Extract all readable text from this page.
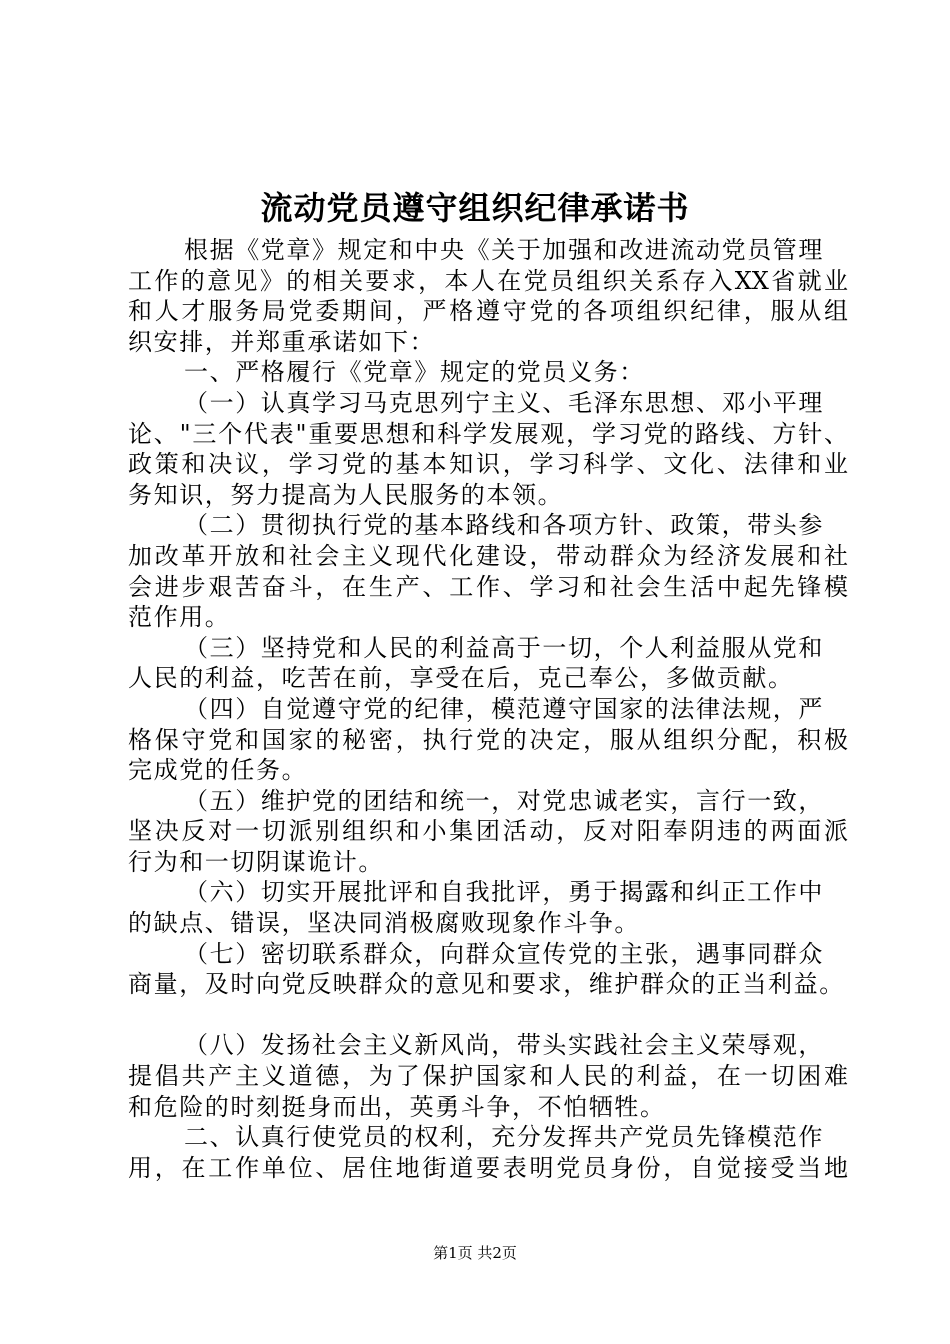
流动党员遵守组织纪律承诺书
根据《党章》规定和中央《关于加强和改进流动党员管理
工作的意见》的相关要求，本人在党员组织关系存入XX省就业
和人才服务局党委期间，严格遵守党的各项组织纪律，服从组
织安排，并郑重承诺如下：
一、严格履行《党章》规定的党员义务：
（一）认真学习马克思列宁主义、毛泽东思想、邓小平理
论、"三个代表"重要思想和科学发展观，学习党的路线、方针、
政策和决议，学习党的基本知识，学习科学、文化、法律和业
务知识，努力提高为人民服务的本领。
（二）贯彻执行党的基本路线和各项方针、政策，带头参
加改革开放和社会主义现代化建设，带动群众为经济发展和社
会进步艰苦奋斗，在生产、工作、学习和社会生活中起先锋模
范作用。
（三）坚持党和人民的利益高于一切，个人利益服从党和
人民的利益，吃苦在前，享受在后，克己奉公，多做贡献。
（四）自觉遵守党的纪律，模范遵守国家的法律法规，严
格保守党和国家的秘密，执行党的决定，服从组织分配，积极
完成党的任务。
（五）维护党的团结和统一，对党忠诚老实，言行一致，
坚决反对一切派别组织和小集团活动，反对阳奉阴违的两面派
行为和一切阴谋诡计。
（六）切实开展批评和自我批评，勇于揭露和纠正工作中
的缺点、错误，坚决同消极腐败现象作斗争。
（七）密切联系群众，向群众宣传党的主张，遇事同群众
商量，及时向党反映群众的意见和要求，维护群众的正当利益。
（八）发扬社会主义新风尚，带头实践社会主义荣辱观，
提倡共产主义道德，为了保护国家和人民的利益，在一切困难
和危险的时刻挺身而出，英勇斗争，不怕牺牲。
二、认真行使党员的权利，充分发挥共产党员先锋模范作
用，在工作单位、居住地街道要表明党员身份，自觉接受当地
第1页 共2页
